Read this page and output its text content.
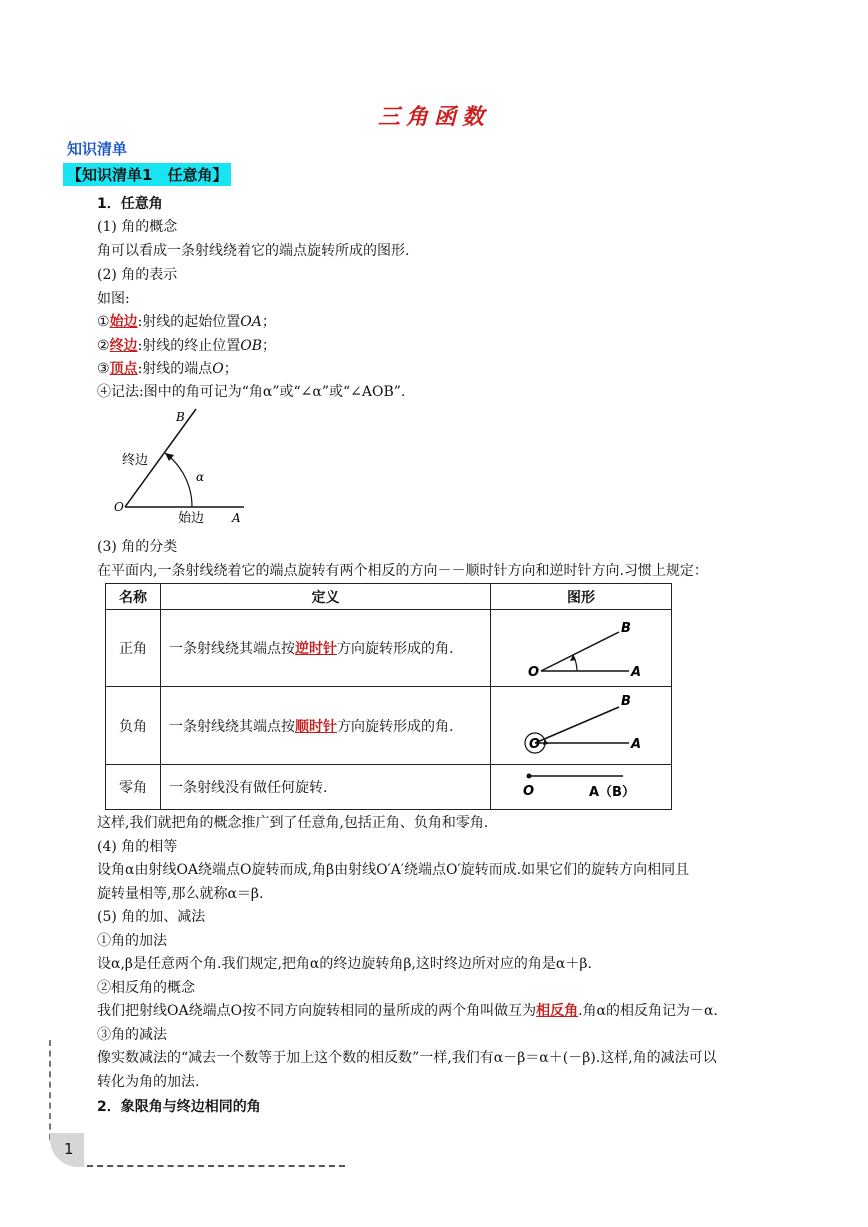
三角函数
知识清单
【知识清单1　任意角】
1．任意角
(1) 角的概念
角可以看成一条射线绕着它的端点旋转所成的图形.
(2) 角的表示
如图:
①始边:射线的起始位置OA；
②终边:射线的终止位置OB；
③顶点:射线的端点O；
④记法:图中的角可记为“角α”或“∠α”或“∠AOB”.
B
终边
α
O
始边 A
(3) 角的分类
在平面内,一条射线绕着它的端点旋转有两个相反的方向－－顺时针方向和逆时针方向.习惯上规定：
名称	定义	图形
正角	一条射线绕其端点按逆时针方向旋转形成的角.	O A
B

负角	一条射线绕其端点按顺时针方向旋转形成的角.	O A
B

零角	一条射线没有做任何旋转.	O A（B）
这样,我们就把角的概念推广到了任意角,包括正角、负角和零角.
(4) 角的相等
设角α由射线OA绕端点O旋转而成,角β由射线O′A′绕端点O′旋转而成.如果它们的旋转方向相同且
旋转量相等,那么就称α＝β.
(5) 角的加、减法
①角的加法
设α,β是任意两个角.我们规定,把角α的终边旋转角β,这时终边所对应的角是α＋β.
②相反角的概念
我们把射线OA绕端点O按不同方向旋转相同的量所成的两个角叫做互为相反角.角α的相反角记为－α.
③角的减法
像实数减法的“减去一个数等于加上这个数的相反数”一样,我们有α－β＝α＋(－β).这样,角的减法可以
转化为角的加法.
2．象限角与终边相同的角
1
